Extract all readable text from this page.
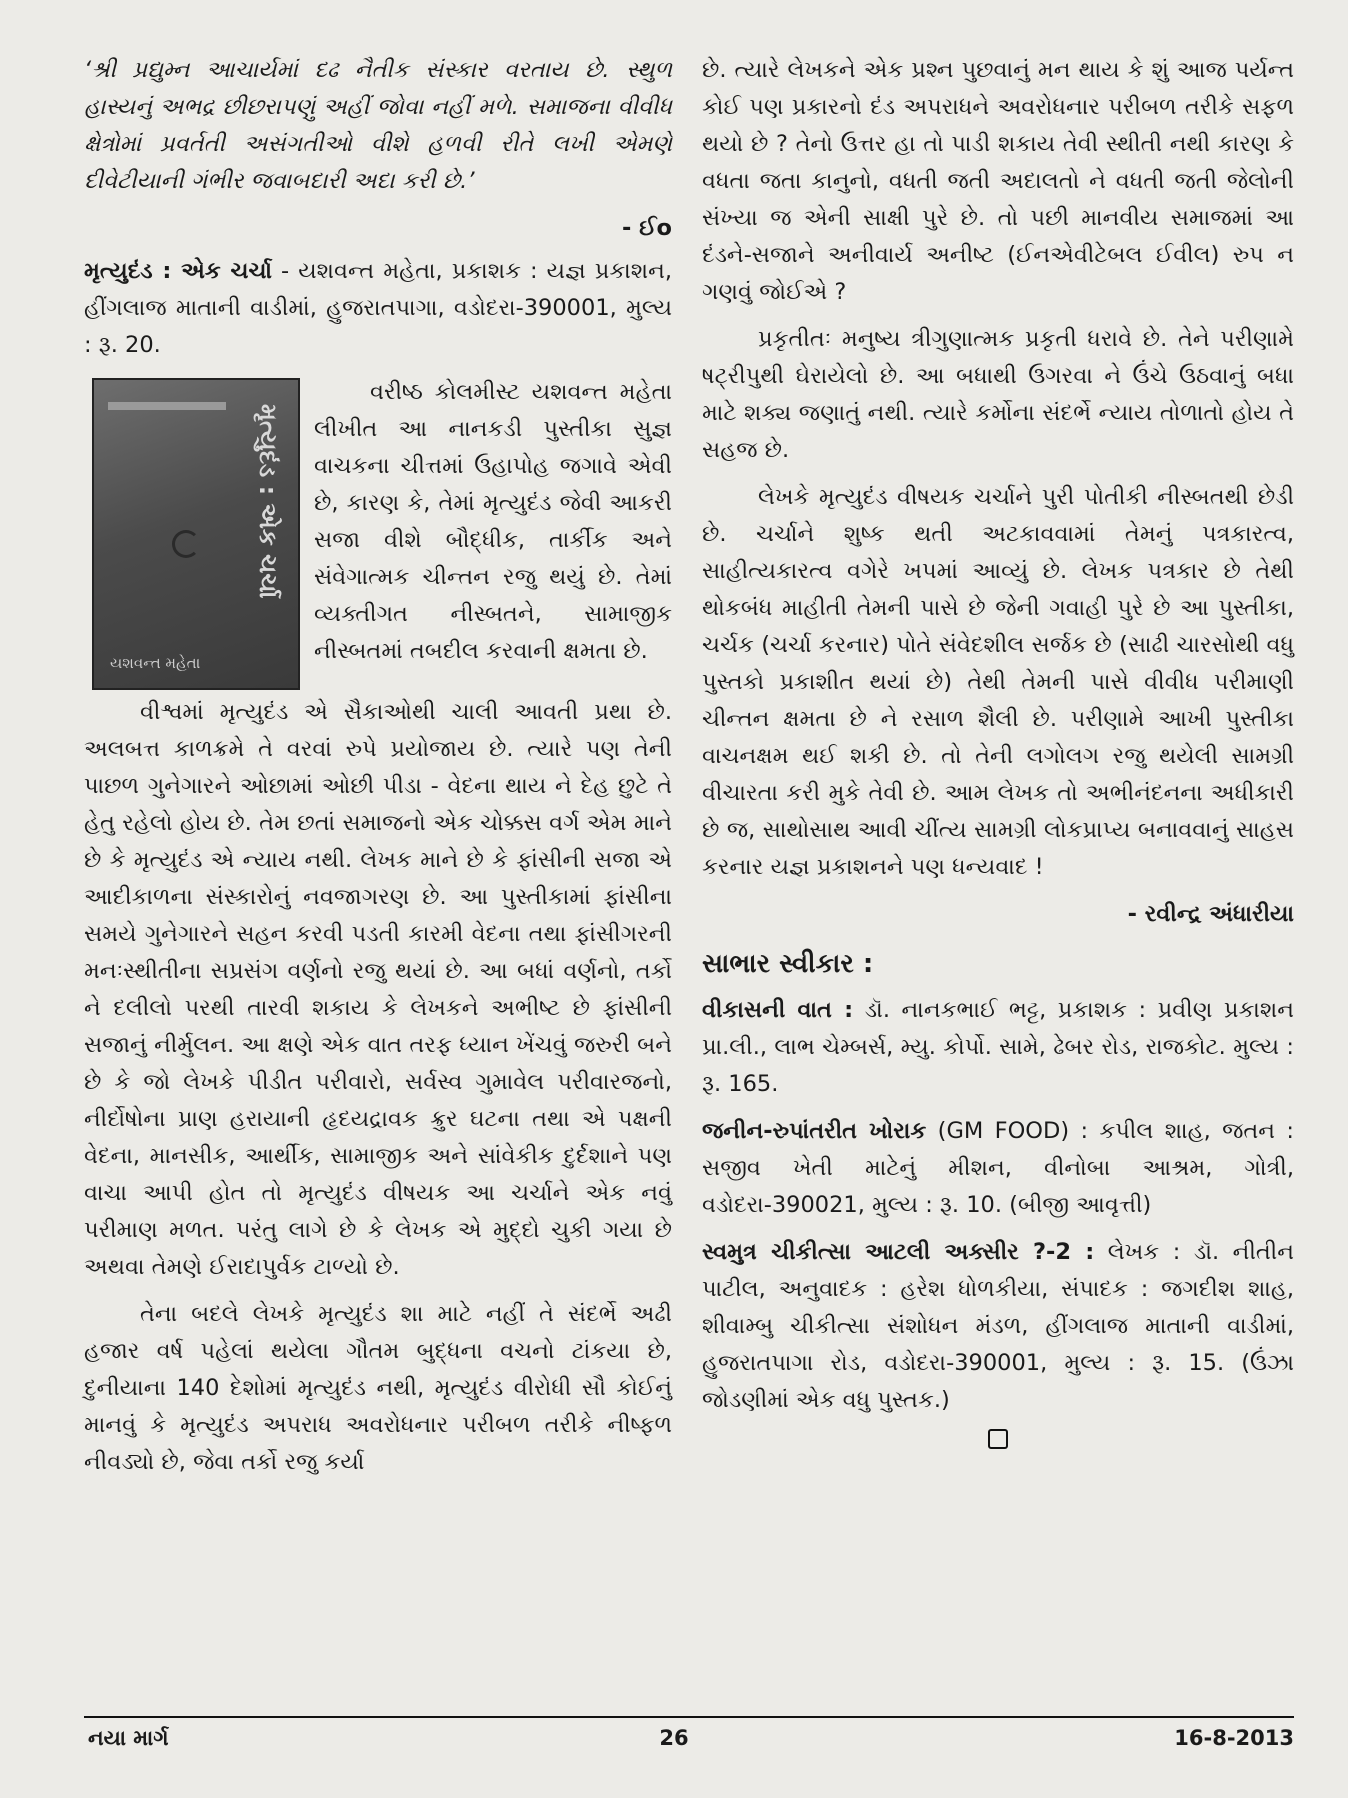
‘શ્રી પ્રદ્યુમ્ન આચાર્યમાં દઢ નૈતીક સંસ્કાર વરતાય છે. સ્થુળ હાસ્યનું અભદ્ર છીછરાપણું અહીં જોવા નહીં મળે. સમાજના વીવીધ ક્ષેત્રોમાં પ્રવર્તતી અસંગતીઓ વીશે હળવી રીતે લખી એમણે દીવેટીયાની ગંભીર જવાબદારી અદા કરી છે.’

- ઈo

મૃત્યુદંડ : એક ચર્ચા - યશવન્ત મહેતા, પ્રકાશક : યજ્ઞ પ્રકાશન, હીંગલાજ માતાની વાડીમાં, હુજરાતપાગા, વડોદરા-390001, મુલ્ય : રૂ. 20.

મૃત્યુદંડ : એક ચર્ચા
યશવન્ત મહેતા

વરીષ્ઠ કોલમીસ્ટ યશવન્ત મહેતા લીખીત આ નાનકડી પુસ્તીકા સુજ્ઞ વાચકના ચીત્તમાં ઉહાપોહ જગાવે એવી છે, કારણ કે, તેમાં મૃત્યુદંડ જેવી આકરી સજા વીશે બૌદ્ધીક, તાર્કીક અને સંવેગાત્મક ચીન્તન રજુ થયું છે. તેમાં વ્યક્તીગત નીસ્બતને, સામાજીક નીસ્બતમાં તબદીલ કરવાની ક્ષમતા છે.

વીશ્વમાં મૃત્યુદંડ એ સૈકાઓથી ચાલી આવતી પ્રથા છે. અલબત્ત કાળક્રમે તે વરવાં રુપે પ્રયોજાય છે. ત્યારે પણ તેની પાછળ ગુનેગારને ઓછામાં ઓછી પીડા - વેદના થાય ને દેહ છુટે તે હેતુ રહેલો હોય છે. તેમ છતાં સમાજનો એક ચોક્કસ વર્ગ એમ માને છે કે મૃત્યુદંડ એ ન્યાય નથી. લેખક માને છે કે ફાંસીની સજા એ આદીકાળના સંસ્કારોનું નવજાગરણ છે. આ પુસ્તીકામાં ફાંસીના સમયે ગુનેગારને સહન કરવી પડતી કારમી વેદના તથા ફાંસીગરની મનઃસ્થીતીના સપ્રસંગ વર્ણનો રજુ થયાં છે. આ બધાં વર્ણનો, તર્કો ને દલીલો પરથી તારવી શકાય કે લેખકને અભીષ્ટ છે ફાંસીની સજાનું નીર્મુલન. આ ક્ષણે એક વાત તરફ ધ્યાન ખેંચવું જરુરી બને છે કે જો લેખકે પીડીત પરીવારો, સર્વસ્વ ગુમાવેલ પરીવારજનો, નીર્દોષોના પ્રાણ હરાયાની હૃદયદ્રાવક ક્રુર ઘટના તથા એ પક્ષની વેદના, માનસીક, આર્થીક, સામાજીક અને સાંવેકીક દુર્દશાને પણ વાચા આપી હોત તો મૃત્યુદંડ વીષયક આ ચર્ચાને એક નવું પરીમાણ મળત. પરંતુ લાગે છે કે લેખક એ મુદ્દો ચુકી ગયા છે અથવા તેમણે ઈરાદાપુર્વક ટાળ્યો છે.

તેના બદલે લેખકે મૃત્યુદંડ શા માટે નહીં તે સંદર્ભે અઢી હજાર વર્ષ પહેલાં થયેલા ગૌતમ બુદ્ધના વચનો ટાંકયા છે, દુનીયાના 140 દેશોમાં મૃત્યુદંડ નથી, મૃત્યુદંડ વીરોધી સૌ કોઈનું માનવું કે મૃત્યુદંડ અપરાધ અવરોધનાર પરીબળ તરીકે નીષ્ફળ નીવડ્યો છે, જેવા તર્કો રજુ કર્યા

છે. ત્યારે લેખકને એક પ્રશ્ન પુછવાનું મન થાય કે શું આજ પર્યન્ત કોઈ પણ પ્રકારનો દંડ અપરાધને અવરોધનાર પરીબળ તરીકે સફળ થયો છે ? તેનો ઉત્તર હા તો પાડી શકાય તેવી સ્થીતી નથી કારણ કે વધતા જતા કાનુનો, વધતી જતી અદાલતો ને વધતી જતી જેલોની સંખ્યા જ એની સાક્ષી પુરે છે. તો પછી માનવીય સમાજમાં આ દંડને-સજાને અનીવાર્ય અનીષ્ટ (ઈનએવીટેબલ ઈવીલ) રુપ ન ગણવું જોઈએ ?

પ્રકૃતીતઃ મનુષ્ય ત્રીગુણાત્મક પ્રકૃતી ધરાવે છે. તેને પરીણામે ષટ્‌રીપુથી ઘેરાયેલો છે. આ બધાથી ઉગરવા ને ઉંચે ઉઠવાનું બધા માટે શક્ય જણાતું નથી. ત્યારે કર્મોના સંદર્ભે ન્યાય તોળાતો હોય તે સહજ છે.

લેખકે મૃત્યુદંડ વીષયક ચર્ચાને પુરી પોતીકી નીસ્બતથી છેડી છે. ચર્ચાને શુષ્ક થતી અટકાવવામાં તેમનું પત્રકારત્વ, સાહીત્યકારત્વ વગેરે ખપમાં આવ્યું છે. લેખક પત્રકાર છે તેથી થોકબંધ માહીતી તેમની પાસે છે જેની ગવાહી પુરે છે આ પુસ્તીકા, ચર્ચક (ચર્ચા કરનાર) પોતે સંવેદશીલ સર્જક છે (સાઢી ચારસોથી વધુ પુસ્તકો પ્રકાશીત થયાં છે) તેથી તેમની પાસે વીવીધ પરીમાણી ચીન્તન ક્ષમતા છે ને રસાળ શૈલી છે. પરીણામે આખી પુસ્તીકા વાચનક્ષમ થઈ શકી છે. તો તેની લગોલગ રજુ થયેલી સામગ્રી વીચારતા કરી મુકે તેવી છે. આમ લેખક તો અભીનંદનના અધીકારી છે જ, સાથોસાથ આવી ચીંત્ય સામગ્રી લોકપ્રાપ્ય બનાવવાનું સાહસ કરનાર યજ્ઞ પ્રકાશનને પણ ધન્યવાદ !

- રવીન્દ્ર અંધારીયા

સાભાર સ્વીકાર :

વીકાસની વાત : ડૉ. નાનકભાઈ ભટ્ટ, પ્રકાશક : પ્રવીણ પ્રકાશન પ્રા.લી., લાભ ચેમ્બર્સ, મ્યુ. કોર્પો. સામે, ઢેબર રોડ, રાજકોટ. મુલ્ય : રૂ. 165.

જનીન-રુપાંતરીત ખોરાક (GM FOOD) : કપીલ શાહ, જતન : સજીવ ખેતી માટેનું મીશન, વીનોબા આશ્રમ, ગોત્રી, વડોદરા-390021, મુલ્ય : રૂ. 10. (બીજી આવૃત્તી)

સ્વમુત્ર ચીકીત્સા આટલી અક્સીર ?-2 : લેખક : ડૉ. નીતીન પાટીલ, અનુવાદક : હરેશ ધોળકીયા, સંપાદક : જગદીશ શાહ, શીવામ્બુ ચીકીત્સા સંશોધન મંડળ, હીંગલાજ માતાની વાડીમાં, હુજરાતપાગા રોડ, વડોદરા-390001, મુલ્ય : રૂ. 15. (ઉંઝા જોડણીમાં એક વધુ પુસ્તક.)

નયા માર્ગ	26	16-8-2013
